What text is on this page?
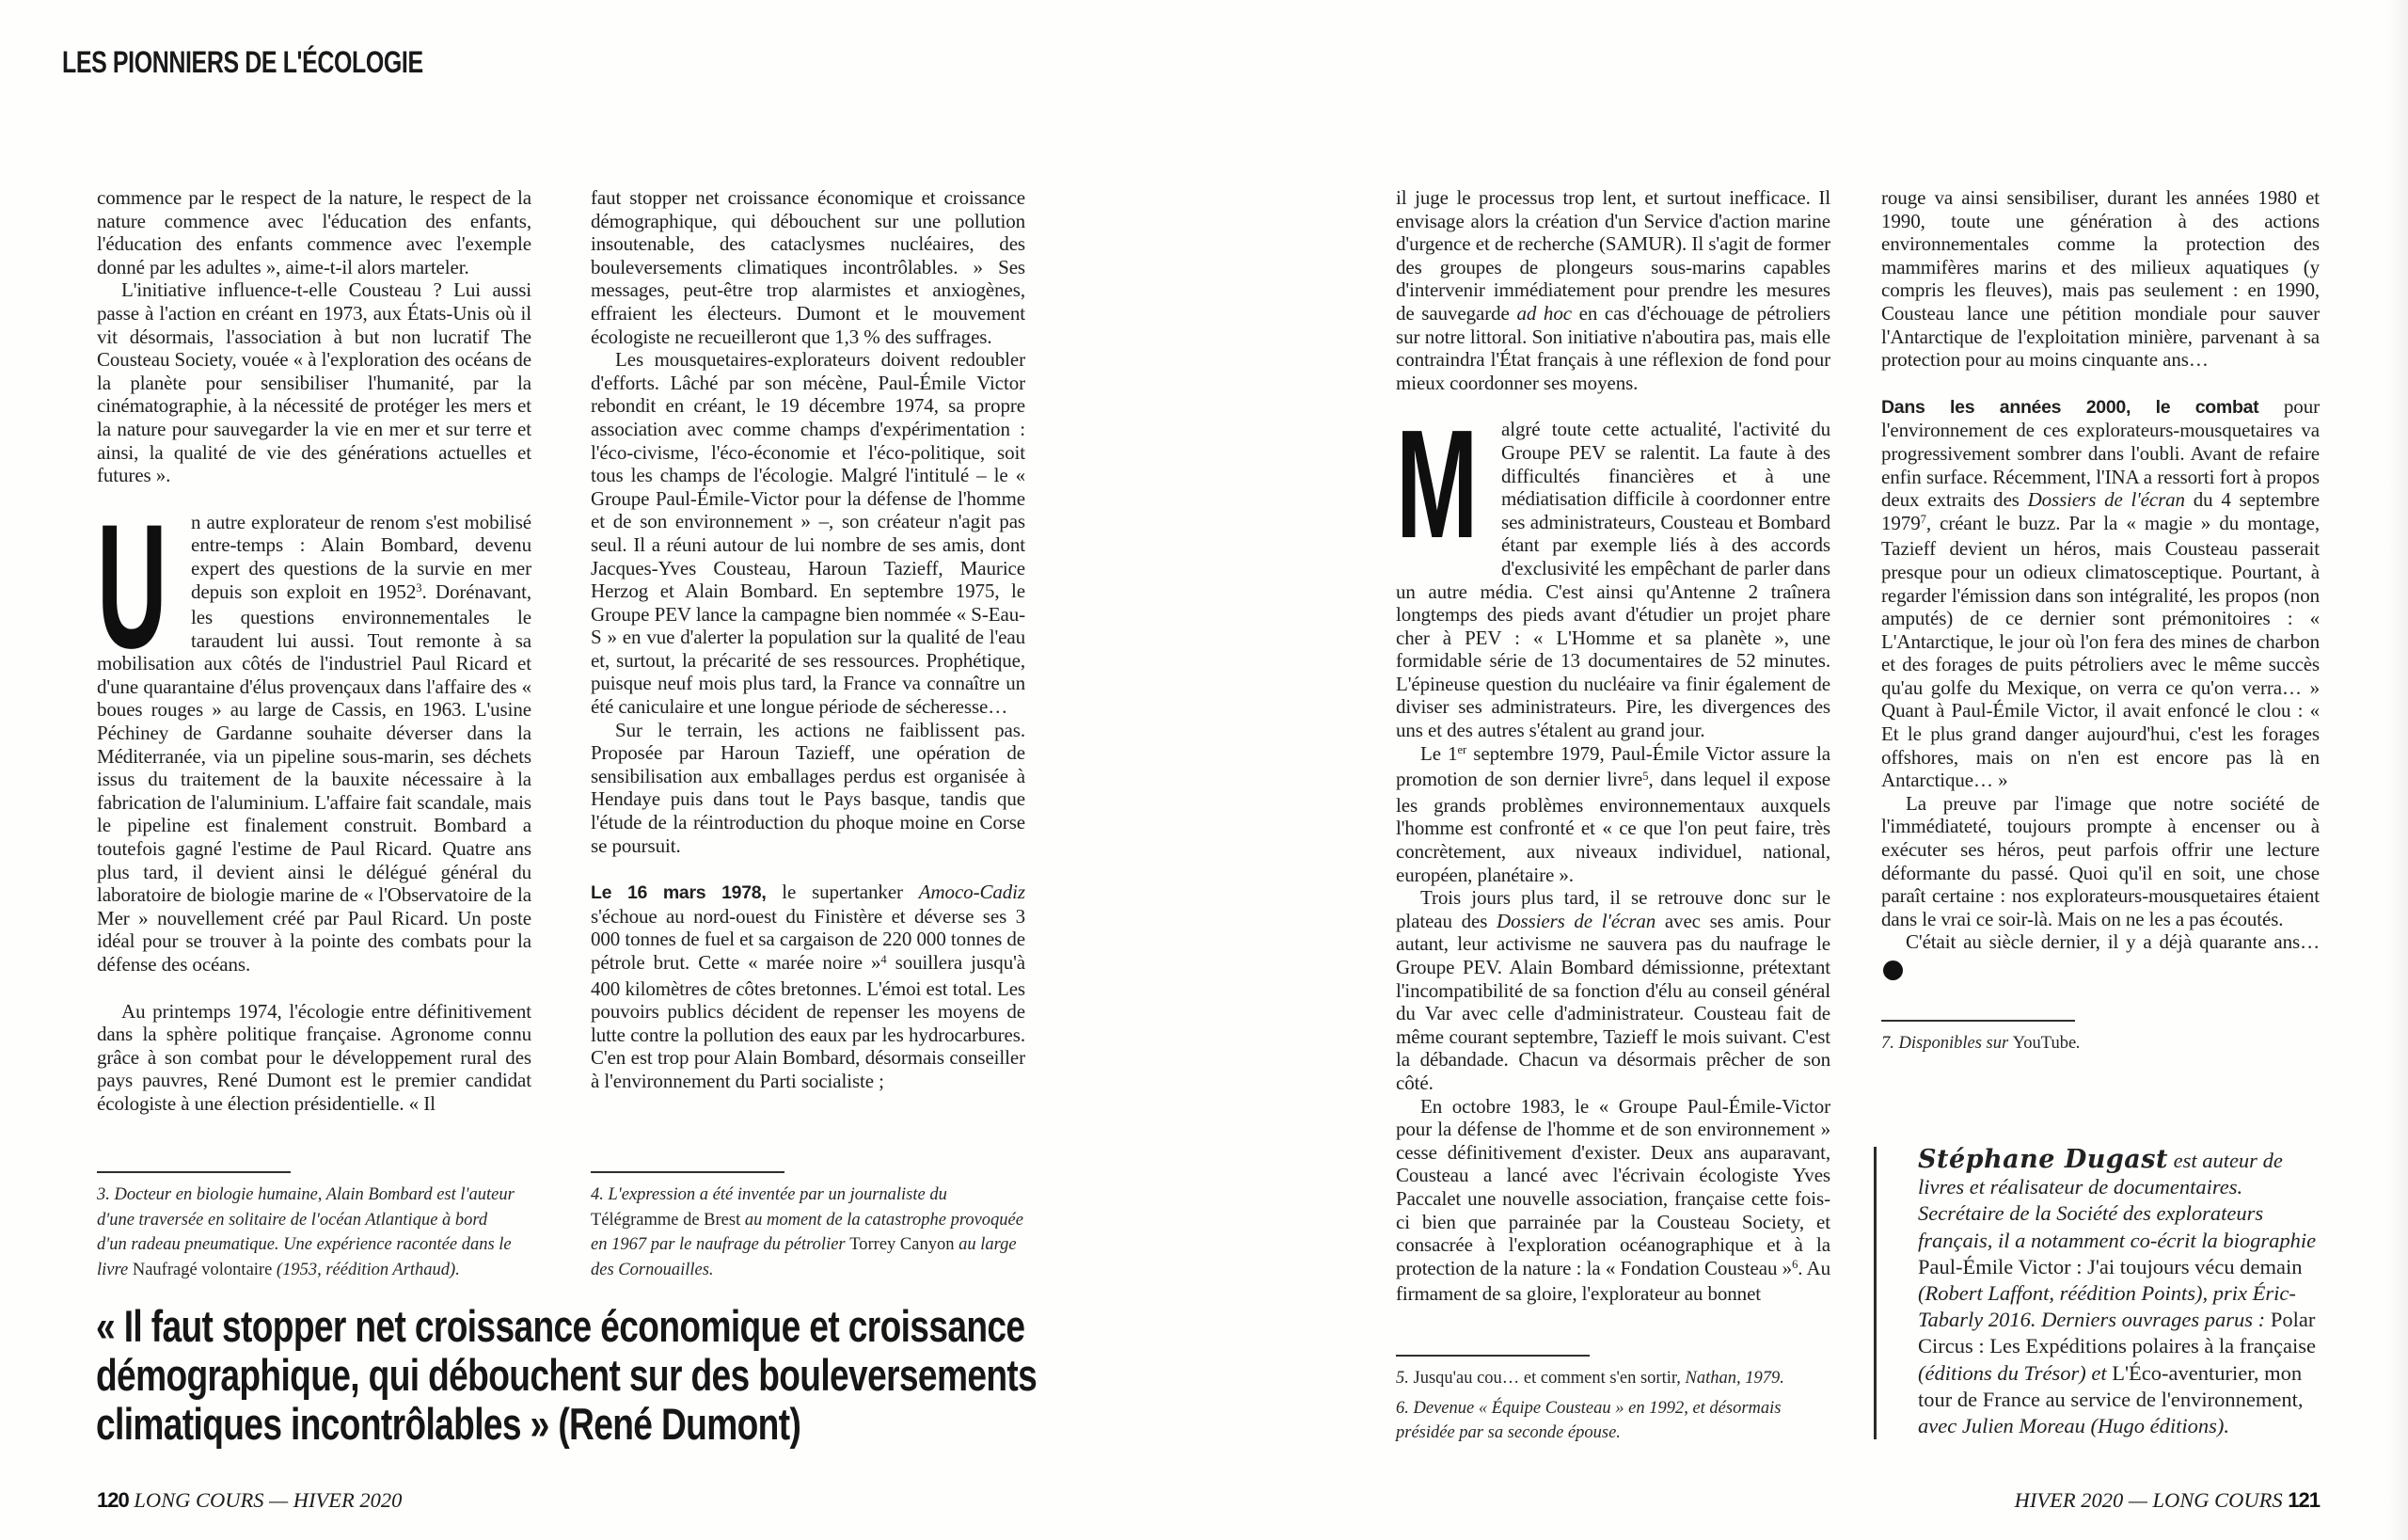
LES PIONNIERS DE L'ÉCOLOGIE

commence par le respect de la nature, le respect de la nature commence avec l'éducation des enfants, l'éducation des enfants commence avec l'exemple donné par les adultes », aime-t-il alors marteler.

L'initiative influence-t-elle Cousteau ? Lui aussi passe à l'action en créant en 1973, aux États-Unis où il vit désormais, l'association à but non lucratif The Cousteau Society, vouée « à l'exploration des océans de la planète pour sensibiliser l'humanité, par la cinématographie, à la nécessité de protéger les mers et la nature pour sauvegarder la vie en mer et sur terre et ainsi, la qualité de vie des générations actuelles et futures ».

U n autre explorateur de renom s'est mobilisé entre-temps : Alain Bombard, devenu expert des questions de la survie en mer depuis son exploit en 1952$^3$. Dorénavant, les questions environnementales le taraudent lui aussi. Tout remonte à sa mobilisation aux côtés de l'industriel Paul Ricard et d'une quarantaine d'élus provençaux dans l'affaire des « boues rouges » au large de Cassis, en 1963. L'usine Péchiney de Gardanne souhaite déverser dans la Méditerranée, via un pipeline sous-marin, ses déchets issus du traitement de la bauxite nécessaire à la fabrication de l'aluminium. L'affaire fait scandale, mais le pipeline est finalement construit. Bombard a toutefois gagné l'estime de Paul Ricard. Quatre ans plus tard, il devient ainsi le délégué général du laboratoire de biologie marine de « l'Observatoire de la Mer » nouvellement créé par Paul Ricard. Un poste idéal pour se trouver à la pointe des combats pour la défense des océans.

Au printemps 1974, l'écologie entre définitivement dans la sphère politique française. Agronome connu grâce à son combat pour le développement rural des pays pauvres, René Dumont est le premier candidat écologiste à une élection présidentielle. « Il

faut stopper net croissance économique et croissance démographique, qui débouchent sur une pollution insoutenable, des cataclysmes nucléaires, des bouleversements climatiques incontrôlables. » Ses messages, peut-être trop alarmistes et anxiogènes, effraient les électeurs. Dumont et le mouvement écologiste ne recueilleront que 1,3 % des suffrages.

Les mousquetaires-explorateurs doivent redoubler d'efforts. Lâché par son mécène, Paul-Émile Victor rebondit en créant, le 19 décembre 1974, sa propre association avec comme champs d'expérimentation : l'éco-civisme, l'éco-économie et l'éco-politique, soit tous les champs de l'écologie. Malgré l'intitulé – le « Groupe Paul-Émile-Victor pour la défense de l'homme et de son environnement » –, son créateur n'agit pas seul. Il a réuni autour de lui nombre de ses amis, dont Jacques-Yves Cousteau, Haroun Tazieff, Maurice Herzog et Alain Bombard. En septembre 1975, le Groupe PEV lance la campagne bien nommée « S-Eau-S » en vue d'alerter la population sur la qualité de l'eau et, surtout, la précarité de ses ressources. Prophétique, puisque neuf mois plus tard, la France va connaître un été caniculaire et une longue période de sécheresse…

Sur le terrain, les actions ne faiblissent pas. Proposée par Haroun Tazieff, une opération de sensibilisation aux emballages perdus est organisée à Hendaye puis dans tout le Pays basque, tandis que l'étude de la réintroduction du phoque moine en Corse se poursuit.

Le 16 mars 1978, le supertanker Amoco-Cadiz s'échoue au nord-ouest du Finistère et déverse ses 3 000 tonnes de fuel et sa cargaison de 220 000 tonnes de pétrole brut. Cette « marée noire »$^4$ souillera jusqu'à 400 kilomètres de côtes bretonnes. L'émoi est total. Les pouvoirs publics décident de repenser les moyens de lutte contre la pollution des eaux par les hydrocarbures. C'en est trop pour Alain Bombard, désormais conseiller à l'environnement du Parti socialiste ;

il juge le processus trop lent, et surtout inefficace. Il envisage alors la création d'un Service d'action marine d'urgence et de recherche (SAMUR). Il s'agit de former des groupes de plongeurs sous-marins capables d'intervenir immédiatement pour prendre les mesures de sauvegarde ad hoc en cas d'échouage de pétroliers sur notre littoral. Son initiative n'aboutira pas, mais elle contraindra l'État français à une réflexion de fond pour mieux coordonner ses moyens.

M algré toute cette actualité, l'activité du Groupe PEV se ralentit. La faute à des difficultés financières et à une médiatisation difficile à coordonner entre ses administrateurs, Cousteau et Bombard étant par exemple liés à des accords d'exclusivité les empêchant de parler dans un autre média. C'est ainsi qu'Antenne 2 traînera longtemps des pieds avant d'étudier un projet phare cher à PEV : « L'Homme et sa planète », une formidable série de 13 documentaires de 52 minutes. L'épineuse question du nucléaire va finir également de diviser ses administrateurs. Pire, les divergences des uns et des autres s'étalent au grand jour.

Le 1er septembre 1979, Paul-Émile Victor assure la promotion de son dernier livre$^5$, dans lequel il expose les grands problèmes environnementaux auxquels l'homme est confronté et « ce que l'on peut faire, très concrètement, aux niveaux individuel, national, européen, planétaire ».

Trois jours plus tard, il se retrouve donc sur le plateau des Dossiers de l'écran avec ses amis. Pour autant, leur activisme ne sauvera pas du naufrage le Groupe PEV. Alain Bombard démissionne, prétextant l'incompatibilité de sa fonction d'élu au conseil général du Var avec celle d'administrateur. Cousteau fait de même courant septembre, Tazieff le mois suivant. C'est la débandade. Chacun va désormais prêcher de son côté.

En octobre 1983, le « Groupe Paul-Émile-Victor pour la défense de l'homme et de son environnement » cesse définitivement d'exister. Deux ans auparavant, Cousteau a lancé avec l'écrivain écologiste Yves Paccalet une nouvelle association, française cette fois-ci bien que parrainée par la Cousteau Society, et consacrée à l'exploration océanographique et à la protection de la nature : la « Fondation Cousteau »$^6$. Au firmament de sa gloire, l'explorateur au bonnet

rouge va ainsi sensibiliser, durant les années 1980 et 1990, toute une génération à des actions environnementales comme la protection des mammifères marins et des milieux aquatiques (y compris les fleuves), mais pas seulement : en 1990, Cousteau lance une pétition mondiale pour sauver l'Antarctique de l'exploitation minière, parvenant à sa protection pour au moins cinquante ans…

Dans les années 2000, le combat pour l'environnement de ces explorateurs-mousquetaires va progressivement sombrer dans l'oubli. Avant de refaire enfin surface. Récemment, l'INA a ressorti fort à propos deux extraits des Dossiers de l'écran du 4 septembre 1979$^7$, créant le buzz. Par la « magie » du montage, Tazieff devient un héros, mais Cousteau passerait presque pour un odieux climatosceptique. Pourtant, à regarder l'émission dans son intégralité, les propos (non amputés) de ce dernier sont prémonitoires : « L'Antarctique, le jour où l'on fera des mines de charbon et des forages de puits pétroliers avec le même succès qu'au golfe du Mexique, on verra ce qu'on verra… » Quant à Paul-Émile Victor, il avait enfoncé le clou : « Et le plus grand danger aujourd'hui, c'est les forages offshores, mais on n'en est encore pas là en Antarctique… »

La preuve par l'image que notre société de l'immédiateté, toujours prompte à encenser ou à exécuter ses héros, peut parfois offrir une lecture déformante du passé. Quoi qu'il en soit, une chose paraît certaine : nos explorateurs-mousquetaires étaient dans le vrai ce soir-là. Mais on ne les a pas écoutés.

C'était au siècle dernier, il y a déjà quarante ans… S

« Il faut stopper net croissance économique et croissance démographique, qui débouchent sur des bouleversements climatiques incontrôlables » (René Dumont)

3. Docteur en biologie humaine, Alain Bombard est l'auteur d'une traversée en solitaire de l'océan Atlantique à bord d'un radeau pneumatique. Une expérience racontée dans le livre Naufragé volontaire (1953, réédition Arthaud).

4. L'expression a été inventée par un journaliste du Télégramme de Brest au moment de la catastrophe provoquée en 1967 par le naufrage du pétrolier Torrey Canyon au large des Cornouailles.

5. Jusqu'au cou… et comment s'en sortir, Nathan, 1979.

6. Devenue « Équipe Cousteau » en 1992, et désormais présidée par sa seconde épouse.

7. Disponibles sur YouTube.

Stéphane Dugast est auteur de livres et réalisateur de documentaires. Secrétaire de la Société des explorateurs français, il a notamment co-écrit la biographie Paul-Émile Victor : J'ai toujours vécu demain (Robert Laffont, réédition Points), prix Éric-Tabarly 2016. Derniers ouvrages parus : Polar Circus : Les Expéditions polaires à la française (éditions du Trésor) et L'Éco-aventurier, mon tour de France au service de l'environnement, avec Julien Moreau (Hugo éditions).
120 LONG COURS — HIVER 2020	HIVER 2020 — LONG COURS 121
